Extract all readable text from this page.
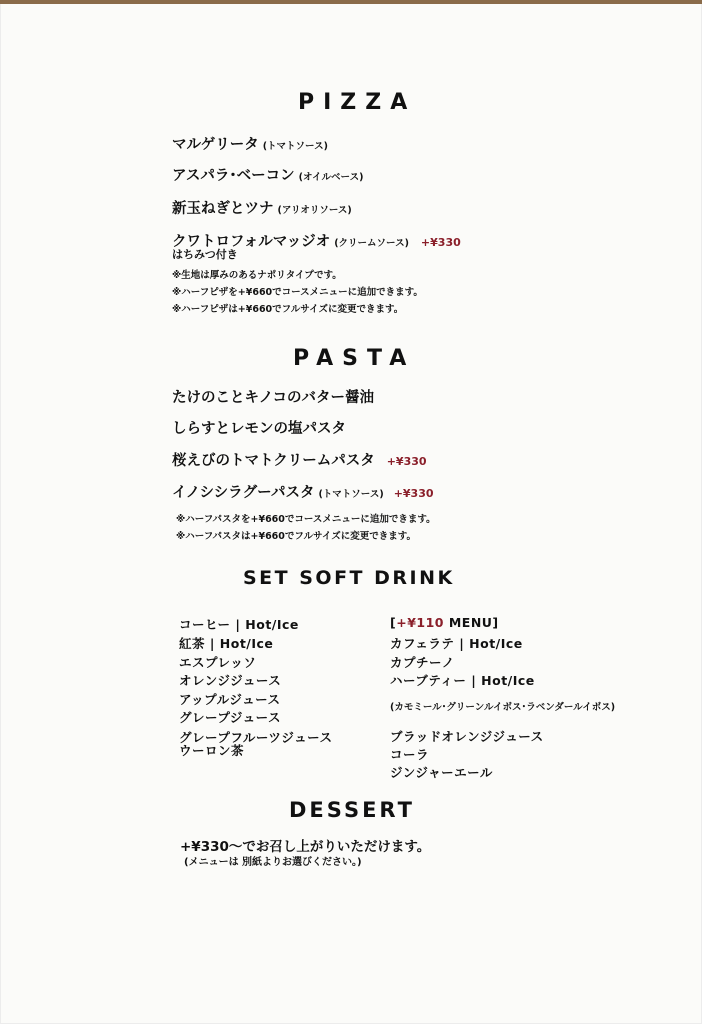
PIZZA
マルゲリータ (トマトソース)
アスパラ･ベーコン (オイルベース)
新玉ねぎとツナ (アリオリソース)
クワトロフォルマッジオ (クリームソース) +¥330
はちみつ付き
※生地は厚みのあるナポリタイプです。
※ハーフピザを+¥660でコースメニューに追加できます。
※ハーフピザは+¥660でフルサイズに変更できます。
PASTA
たけのことキノコのバター醤油
しらすとレモンの塩パスタ
桜えびのトマトクリームパスタ +¥330
イノシシラグーパスタ (トマトソース) +¥330
※ハーフパスタを+¥660でコースメニューに追加できます。
※ハーフパスタは+¥660でフルサイズに変更できます。
SET SOFT DRINK
コーヒー | Hot/Ice
紅茶 | Hot/Ice
エスプレッソ
オレンジジュース
アップルジュース
グレープジュース
グレープフルーツジュース
ウーロン茶
[+¥110 MENU]
カフェラテ | Hot/Ice
カプチーノ
ハーブティー | Hot/Ice
(カモミール･グリーンルイボス･ラベンダールイボス)
ブラッドオレンジジュース
コーラ
ジンジャーエール
DESSERT
+¥330～でお召し上がりいただけます。
(メニューは 別紙よりお選びください。)
